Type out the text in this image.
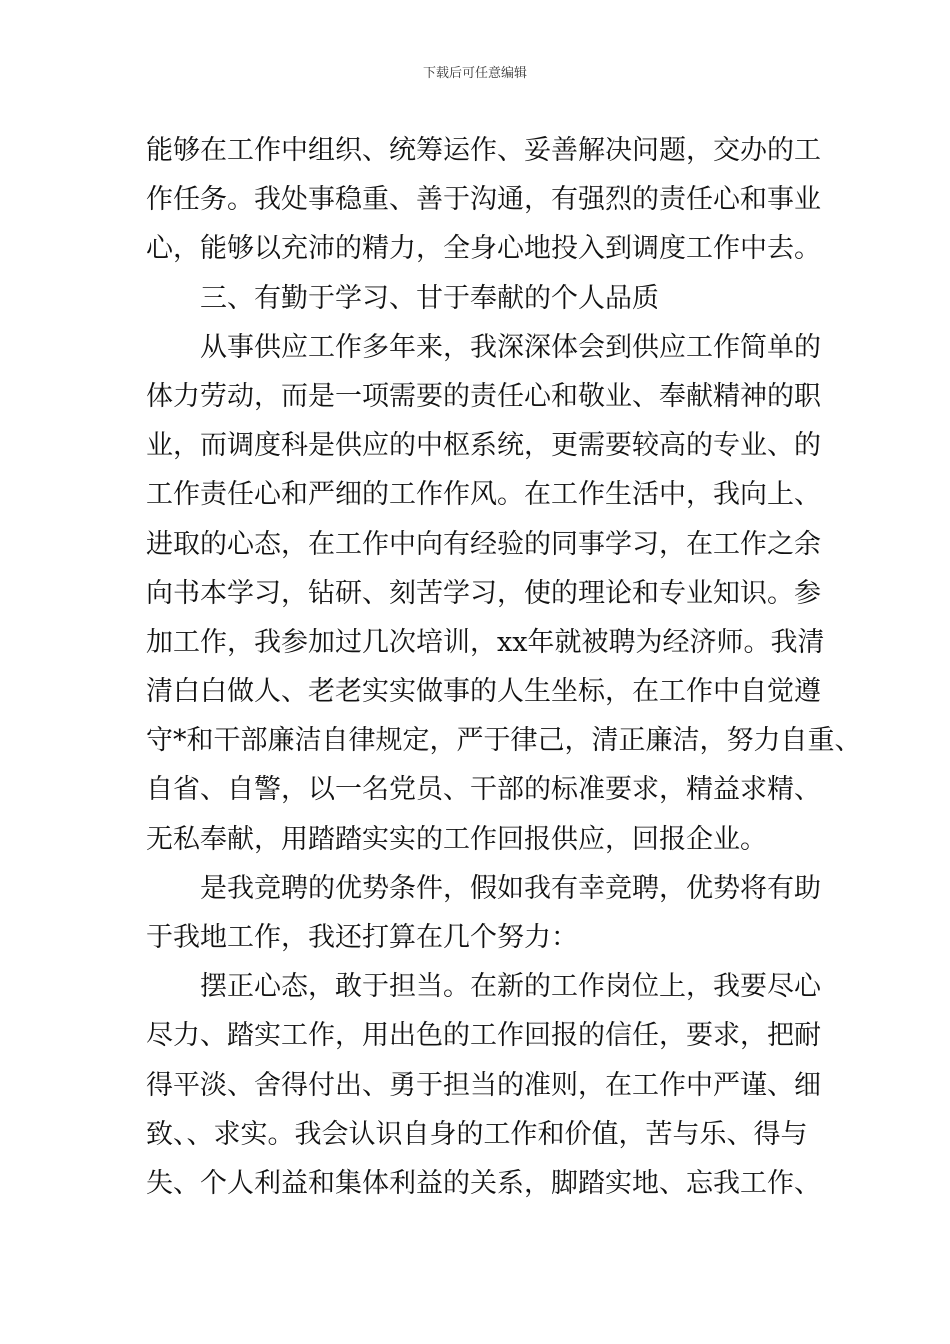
下载后可任意编辑
能够在工作中组织、统筹运作、妥善解决问题，交办的工
作任务。我处事稳重、善于沟通，有强烈的责任心和事业
心，能够以充沛的精力，全身心地投入到调度工作中去。
三、有勤于学习、甘于奉献的个人品质
从事供应工作多年来，我深深体会到供应工作简单的
体力劳动，而是一项需要的责任心和敬业、奉献精神的职
业，而调度科是供应的中枢系统，更需要较高的专业、的
工作责任心和严细的工作作风。在工作生活中，我向上、
进取的心态，在工作中向有经验的同事学习，在工作之余
向书本学习，钻研、刻苦学习，使的理论和专业知识。参
加工作，我参加过几次培训，xx年就被聘为经济师。我清
清白白做人、老老实实做事的人生坐标，在工作中自觉遵
守*和干部廉洁自律规定，严于律己，清正廉洁，努力自重、
自省、自警，以一名党员、干部的标准要求，精益求精、
无私奉献，用踏踏实实的工作回报供应，回报企业。
是我竞聘的优势条件，假如我有幸竞聘，优势将有助
于我地工作，我还打算在几个努力：
摆正心态，敢于担当。在新的工作岗位上，我要尽心
尽力、踏实工作，用出色的工作回报的信任，要求，把耐
得平淡、舍得付出、勇于担当的准则，在工作中严谨、细
致、、求实。我会认识自身的工作和价值，苦与乐、得与
失、个人利益和集体利益的关系，脚踏实地、忘我工作、
